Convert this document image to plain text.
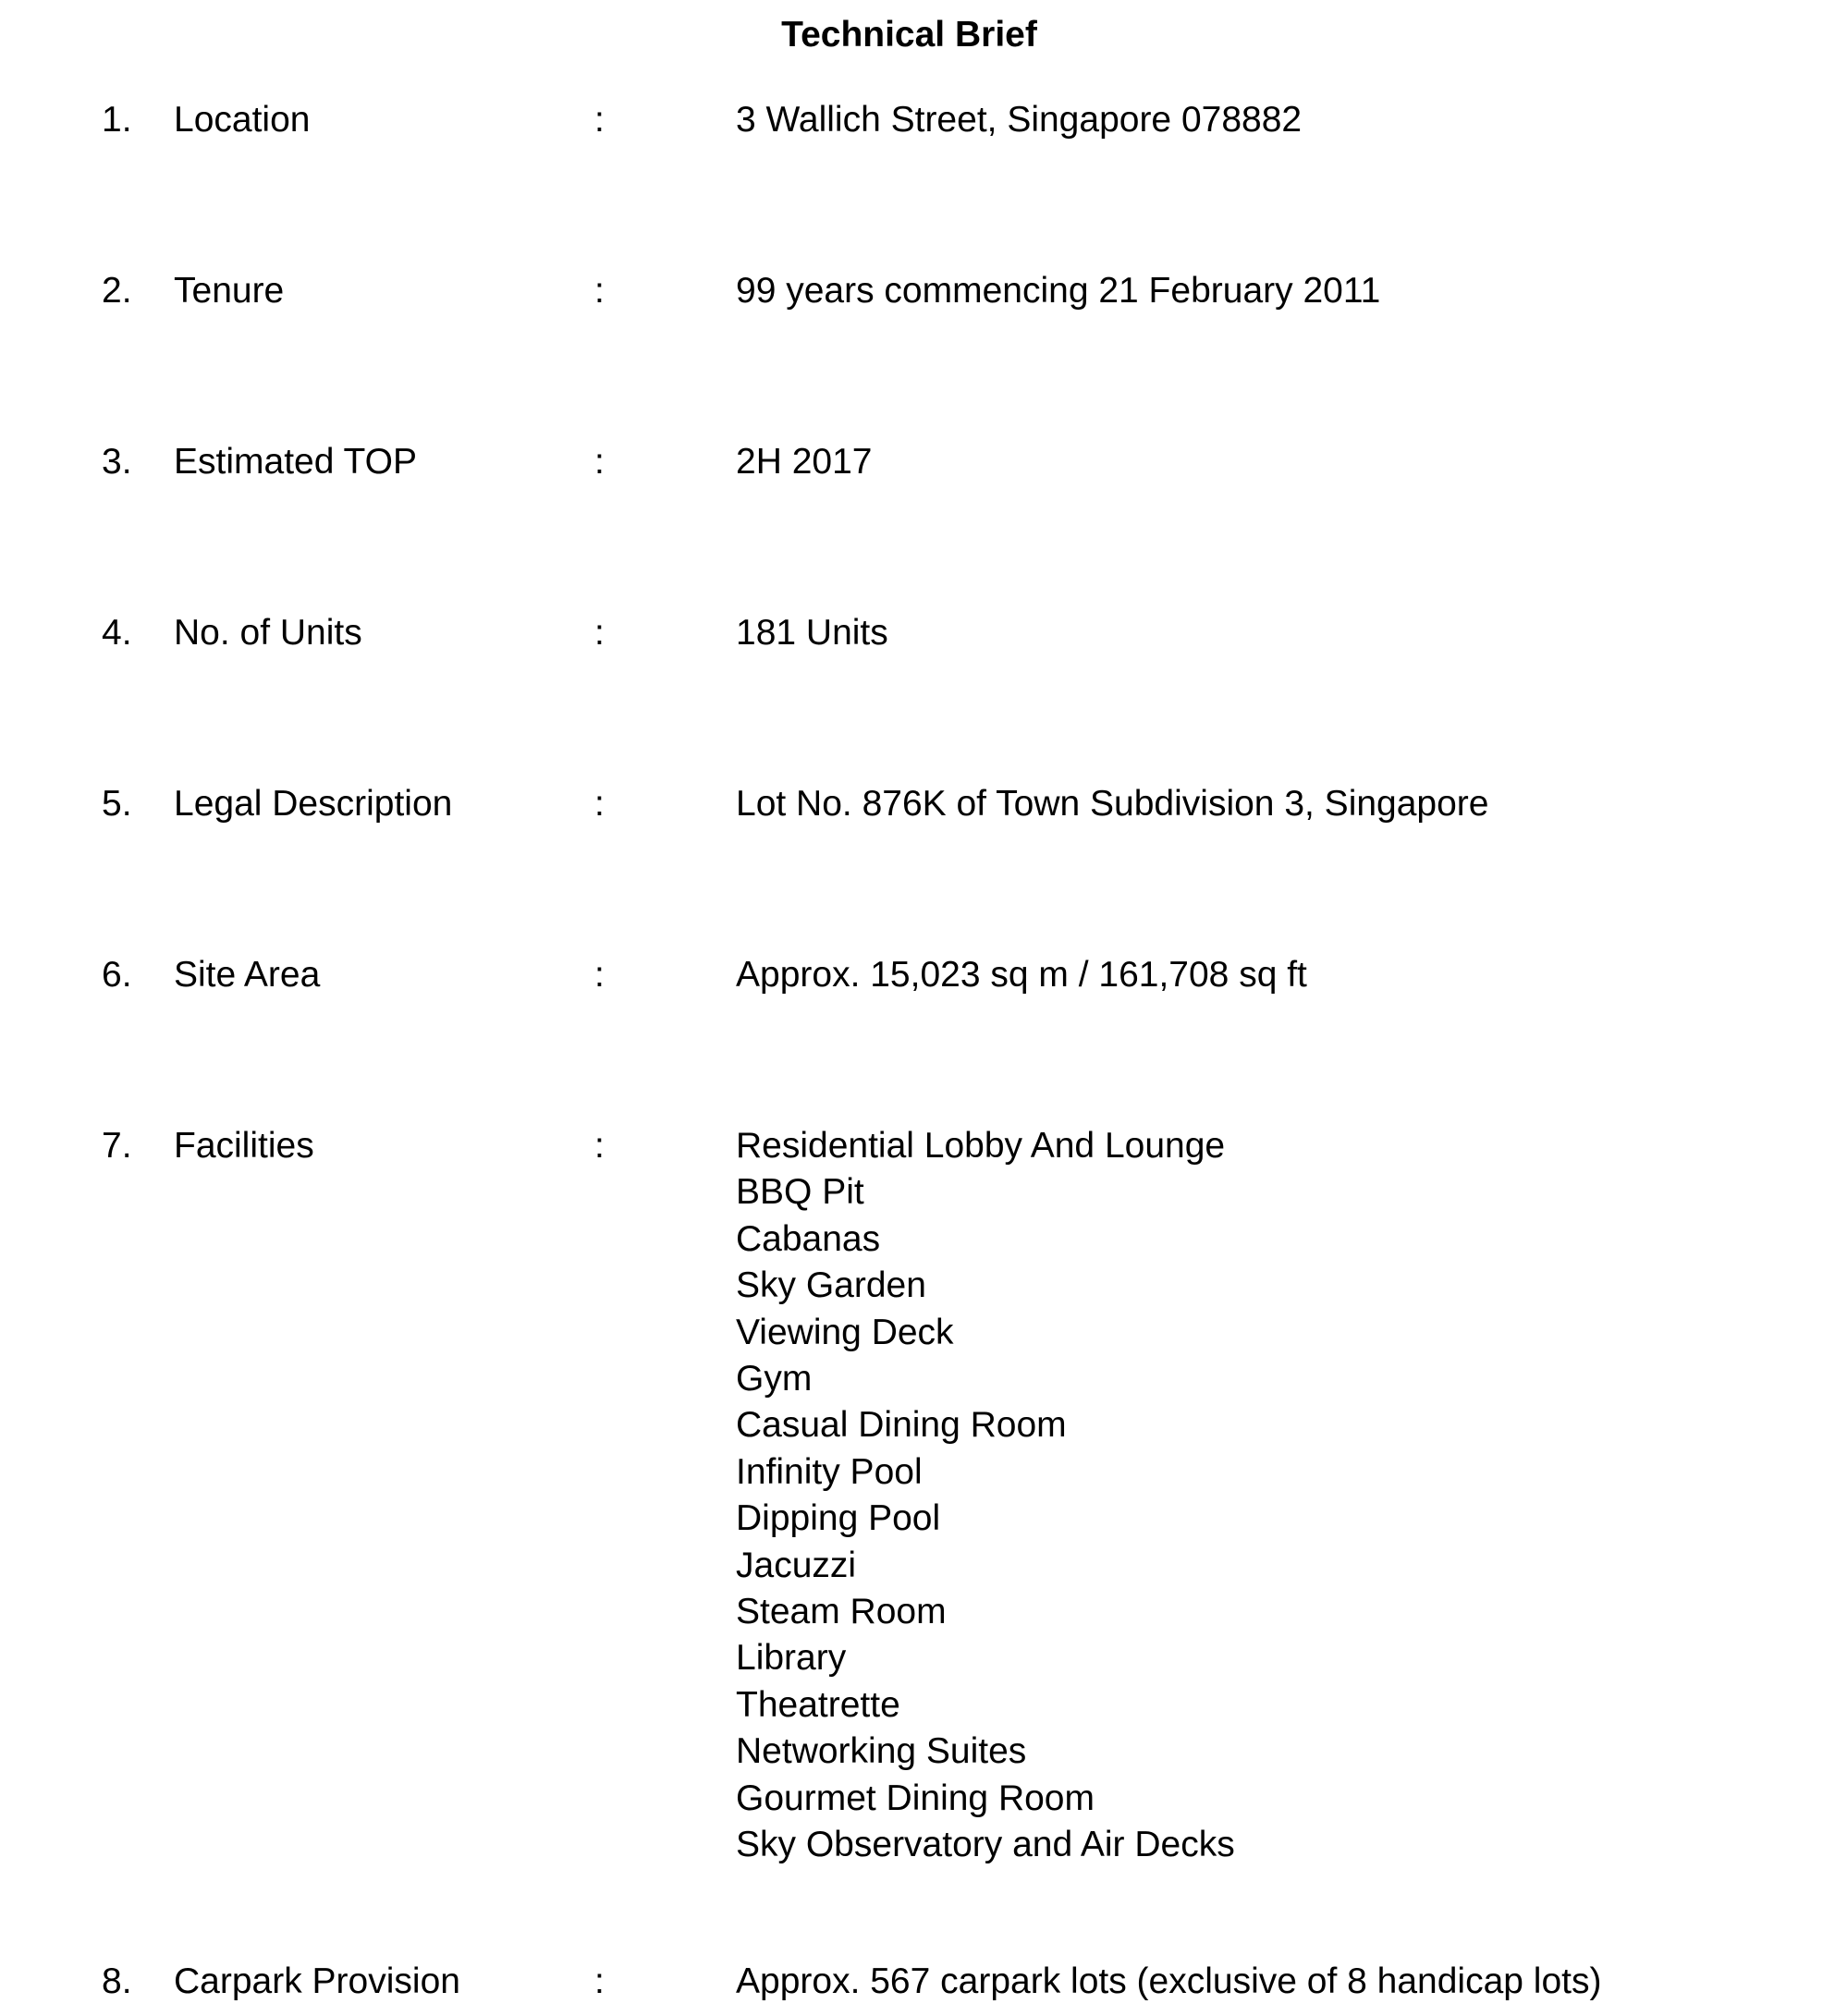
Technical Brief
1. Location	:	3 Wallich Street, Singapore 078882
2. Tenure	:	99 years commencing 21 February 2011
3. Estimated TOP	:	2H 2017
4. No. of Units	:	181 Units
5. Legal Description	:	Lot No. 876K of Town Subdivision 3, Singapore
6. Site Area	:	Approx. 15,023 sq m / 161,708 sq ft
7. Facilities	:	Residential Lobby And Lounge
BBQ Pit
Cabanas
Sky Garden
Viewing Deck
Gym
Casual Dining Room
Infinity Pool
Dipping Pool
Jacuzzi
Steam Room
Library
Theatrette
Networking Suites
Gourmet Dining Room
Sky Observatory and Air Decks
8. Carpark Provision	:	Approx. 567 carpark lots (exclusive of 8 handicap lots)
